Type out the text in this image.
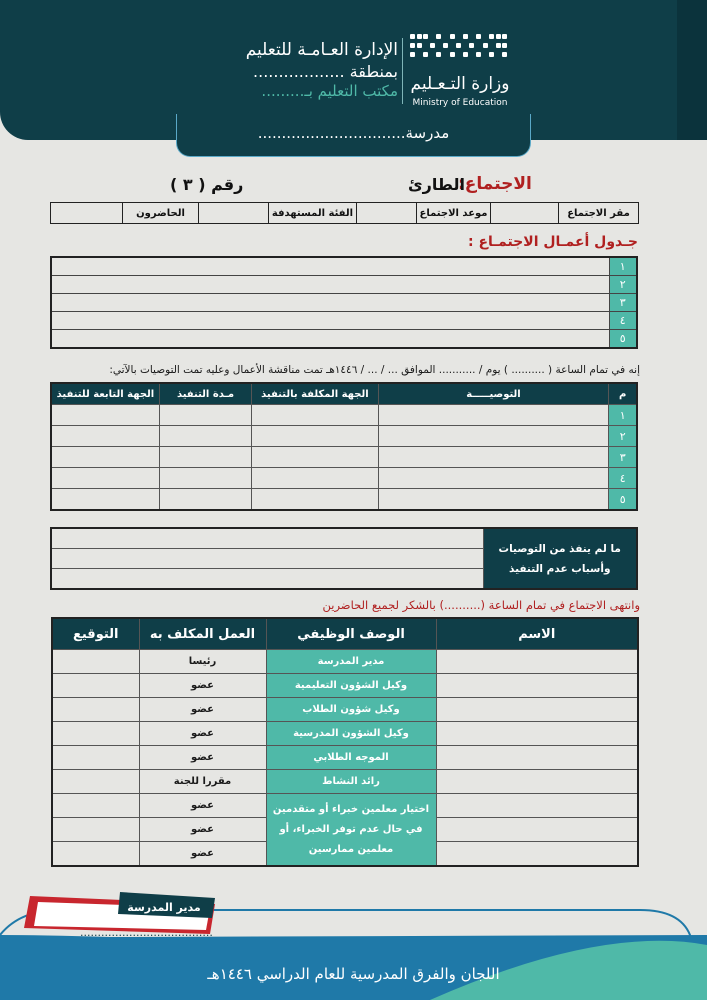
وزارة التـعـليم
Ministry of Education
الإدارة العـامـة للتعليم
بمنطقة ..................
مكتب التعليم بـ.........
مدرسة...............................
الاجتماع:
الطارئ
رقم ( ٣ )
مقر الاجتماع		موعد الاجتماع		الفئة المستهدفة		الحاضرون	
جـدول أعمـال الاجتمـاع :
١	
٢	
٣	
٤	
٥	
إنه في تمام الساعة ( .......... ) يوم / ........... الموافق ... / ... / ١٤٤٦هـ تمت مناقشة الأعمال وعليه تمت التوصيات بالآتي:
م	التوصيـــــة	الجهة المكلفة بالتنفيذ	مـدة التنفيذ	الجهة التابعة للتنفيذ
١				
٢				
٣				
٤				
٥				
ما لم ينفذ من التوصيات
وأسباب عدم التنفيذ

وانتهى الاجتماع في تمام الساعة (..........) بالشكر لجميع الحاضرين
الاسم	الوصف الوظيفي	العمل المكلف به	التوقيع
	مدير المدرسة	رئيسا	
	وكيل الشؤون التعليمية	عضو	
	وكيل شؤون الطلاب	عضو	
	وكيل الشؤون المدرسية	عضو	
	الموجه الطلابي	عضو	
	رائد النشاط	مقررا للجنة	
	اختيار معلمين خبراء أو متقدمين في حال عدم توفر الخبراء، أو معلمين ممارسين	عضو	
		عضو	
		عضو	
مدير المدرسة
......................................
اللجان والفرق المدرسية للعام الدراسي ١٤٤٦هـ
